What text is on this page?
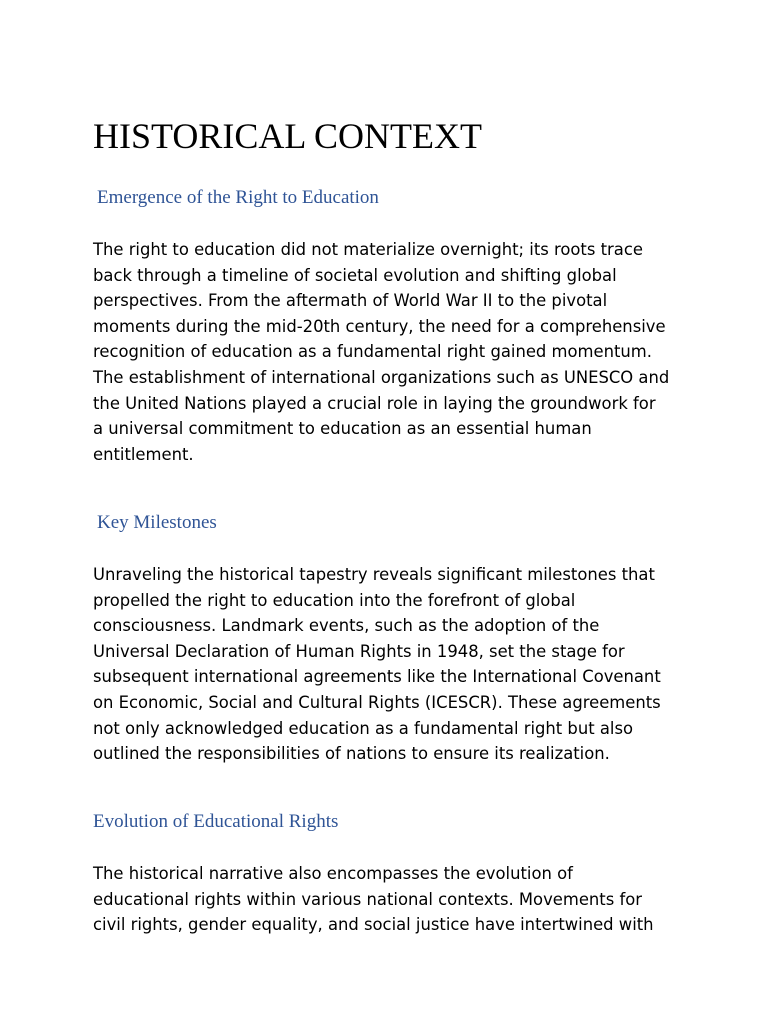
HISTORICAL CONTEXT
Emergence of the Right to Education

The right to education did not materialize overnight; its roots trace
back through a timeline of societal evolution and shifting global
perspectives. From the aftermath of World War II to the pivotal
moments during the mid-20th century, the need for a comprehensive
recognition of education as a fundamental right gained momentum.
The establishment of international organizations such as UNESCO and
the United Nations played a crucial role in laying the groundwork for
a universal commitment to education as an essential human
entitlement.

Key Milestones

Unraveling the historical tapestry reveals significant milestones that
propelled the right to education into the forefront of global
consciousness. Landmark events, such as the adoption of the
Universal Declaration of Human Rights in 1948, set the stage for
subsequent international agreements like the International Covenant
on Economic, Social and Cultural Rights (ICESCR). These agreements
not only acknowledged education as a fundamental right but also
outlined the responsibilities of nations to ensure its realization.

Evolution of Educational Rights

The historical narrative also encompasses the evolution of
educational rights within various national contexts. Movements for
civil rights, gender equality, and social justice have intertwined with
